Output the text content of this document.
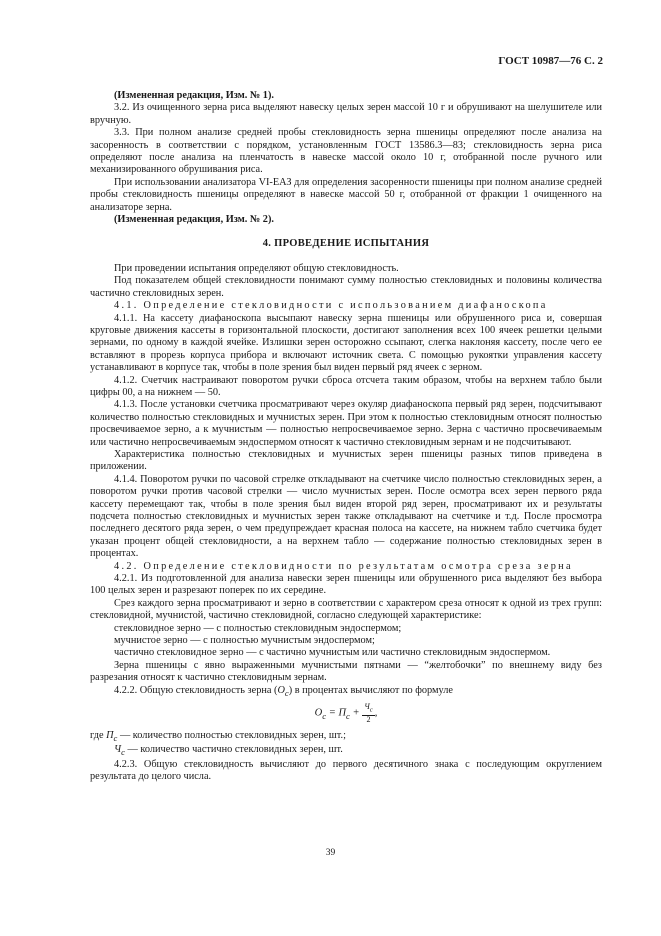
ГОСТ 10987—76 С. 2

(Измененная редакция, Изм. № 1).

3.2. Из очищенного зерна риса выделяют навеску целых зерен массой 10 г и обрушивают на шелушителе или вручную.

3.3. При полном анализе средней пробы стекловидность зерна пшеницы определяют после анализа на засоренность в соответствии с порядком, установленным ГОСТ 13586.3—83; стекловидность зерна риса определяют после анализа на пленчатость в навеске массой около 10 г, отобранной после ручного или механизированного обрушивания риса.

При использовании анализатора VI-ЕАЗ для определения засоренности пшеницы при полном анализе средней пробы стекловидность пшеницы определяют в навеске массой 50 г, отобранной от фракции 1 очищенного на анализаторе зерна.

(Измененная редакция, Изм. № 2).

4. ПРОВЕДЕНИЕ ИСПЫТАНИЯ

При проведении испытания определяют общую стекловидность.

Под показателем общей стекловидности понимают сумму полностью стекловидных и половины количества частично стекловидных зерен.

4.1. Определение стекловидности с использованием диафаноскопа

4.1.1. На кассету диафаноскопа высыпают навеску зерна пшеницы или обрушенного риса и, совершая круговые движения кассеты в горизонтальной плоскости, достигают заполнения всех 100 ячеек решетки целыми зернами, по одному в каждой ячейке. Излишки зерен осторожно ссыпают, слегка наклоняя кассету, после чего ее вставляют в прорезь корпуса прибора и включают источник света. С помощью рукоятки управления кассету устанавливают в корпусе так, чтобы в поле зрения был виден первый ряд ячеек с зерном.

4.1.2. Счетчик настраивают поворотом ручки сброса отсчета таким образом, чтобы на верхнем табло были цифры 00, а на нижнем — 50.

4.1.3. После установки счетчика просматривают через окуляр диафаноскопа первый ряд зерен, подсчитывают количество полностью стекловидных и мучнистых зерен. При этом к полностью стекловидным относят полностью просвечиваемое зерно, а к мучнистым — полностью непросвечиваемое зерно. Зерна с частично просвечиваемым или частично непросвечиваемым эндоспермом относят к частично стекловидным зернам и не подсчитывают.

Характеристика полностью стекловидных и мучнистых зерен пшеницы разных типов приведена в приложении.

4.1.4. Поворотом ручки по часовой стрелке откладывают на счетчике число полностью стекловидных зерен, а поворотом ручки против часовой стрелки — число мучнистых зерен. После осмотра всех зерен первого ряда кассету перемещают так, чтобы в поле зрения был виден второй ряд зерен, просматривают их и результаты подсчета полностью стекловидных и мучнистых зерен также откладывают на счетчике и т.д. После просмотра последнего десятого ряда зерен, о чем предупреждает красная полоса на кассете, на нижнем табло счетчика будет указан процент общей стекловидности, а на верхнем табло — содержание полностью стекловидных зерен в процентах.

4.2. Определение стекловидности по результатам осмотра среза зерна

4.2.1. Из подготовленной для анализа навески зерен пшеницы или обрушенного риса выделяют без выбора 100 целых зерен и разрезают поперек по их середине.

Срез каждого зерна просматривают и зерно в соответствии с характером среза относят к одной из трех групп: стекловидной, мучнистой, частично стекловидной, согласно следующей характеристике:

стекловидное зерно — с полностью стекловидным эндоспермом;

мучнистое зерно — с полностью мучнистым эндоспермом;

частично стекловидное зерно — с частично мучнистым или частично стекловидным эндоспермом.

Зерна пшеницы с явно выраженными мучнистыми пятнами — “желтобочки” по внешнему виду без разрезания относят к частично стекловидным зернам.

4.2.2. Общую стекловидность зерна $(О_с)$ в процентах вычисляют по формуле

$О_с = П_с + \frac{Ч_с}{2}$ ,

где $П_с$ — количество полностью стекловидных зерен, шт.;

$Ч_с$ — количество частично стекловидных зерен, шт.

4.2.3. Общую стекловидность вычисляют до первого десятичного знака с последующим округлением результата до целого числа.

39
